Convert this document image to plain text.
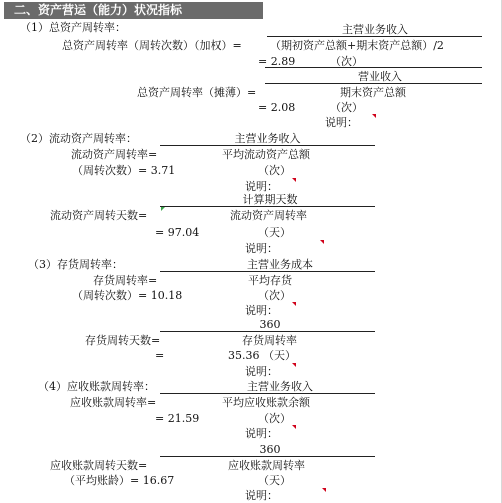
二、资产营运（能力）状况指标
（1）总资产周转率：	主营业务收入
总资产周转率（周转次数）（加权）=	（期初资产总额+期末资产总额）/2
= 2.89	（次）
营业收入
总资产周转率（摊薄）=	期末资产总额
= 2.08	（次）
说明：
（2）流动资产周转率：	主营业务收入
流动资产周转率=	平均流动资产总额
（周转次数）= 3.71	（次）
说明：
计算期天数
流动资产周转天数=	流动资产周转率
= 97.04	（天）
说明：
（3）存货周转率：	主营业务成本
存货周转率=	平均存货
（周转次数）= 10.18	（次）
说明：
360
存货周转天数=	存货周转率
=	35.36 （天）
说明：
（4）应收账款周转率：	主营业务收入
应收账款周转率=	平均应收账款余额
= 21.59	（次）
说明：
360
应收账款周转天数=	应收账款周转率
（平均账龄）= 16.67	（天）
说明：
